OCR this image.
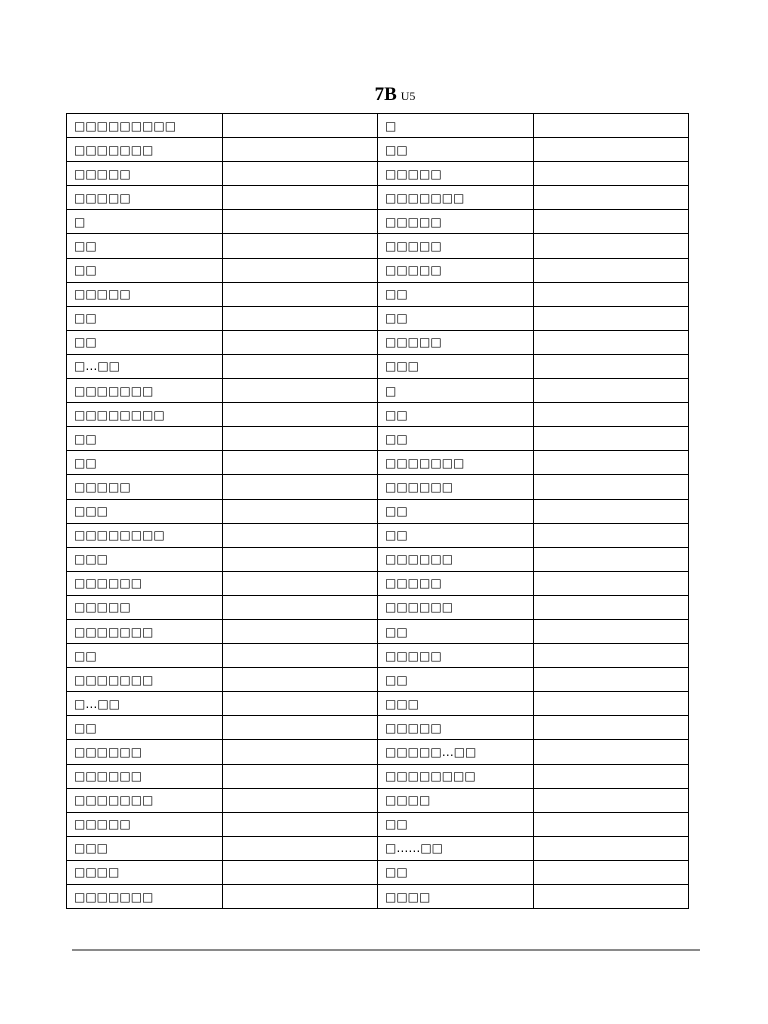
7B U5
□□□□□□□□□		□	
□□□□□□□		□□	
□□□□□		□□□□□	
□□□□□		□□□□□□□	
□		□□□□□	
□□		□□□□□	
□□		□□□□□	
□□□□□		□□	
□□		□□	
□□		□□□□□	
□…□□		□□□	
□□□□□□□		□	
□□□□□□□□		□□	
□□		□□	
□□		□□□□□□□	
□□□□□		□□□□□□	
□□□		□□	
□□□□□□□□		□□	
□□□		□□□□□□	
□□□□□□		□□□□□	
□□□□□		□□□□□□	
□□□□□□□		□□	
□□		□□□□□	
□□□□□□□		□□	
□…□□		□□□	
□□		□□□□□	
□□□□□□		□□□□□…□□	
□□□□□□		□□□□□□□□	
□□□□□□□		□□□□	
□□□□□		□□	
□□□		□……□□	
□□□□		□□	
□□□□□□□		□□□□	
